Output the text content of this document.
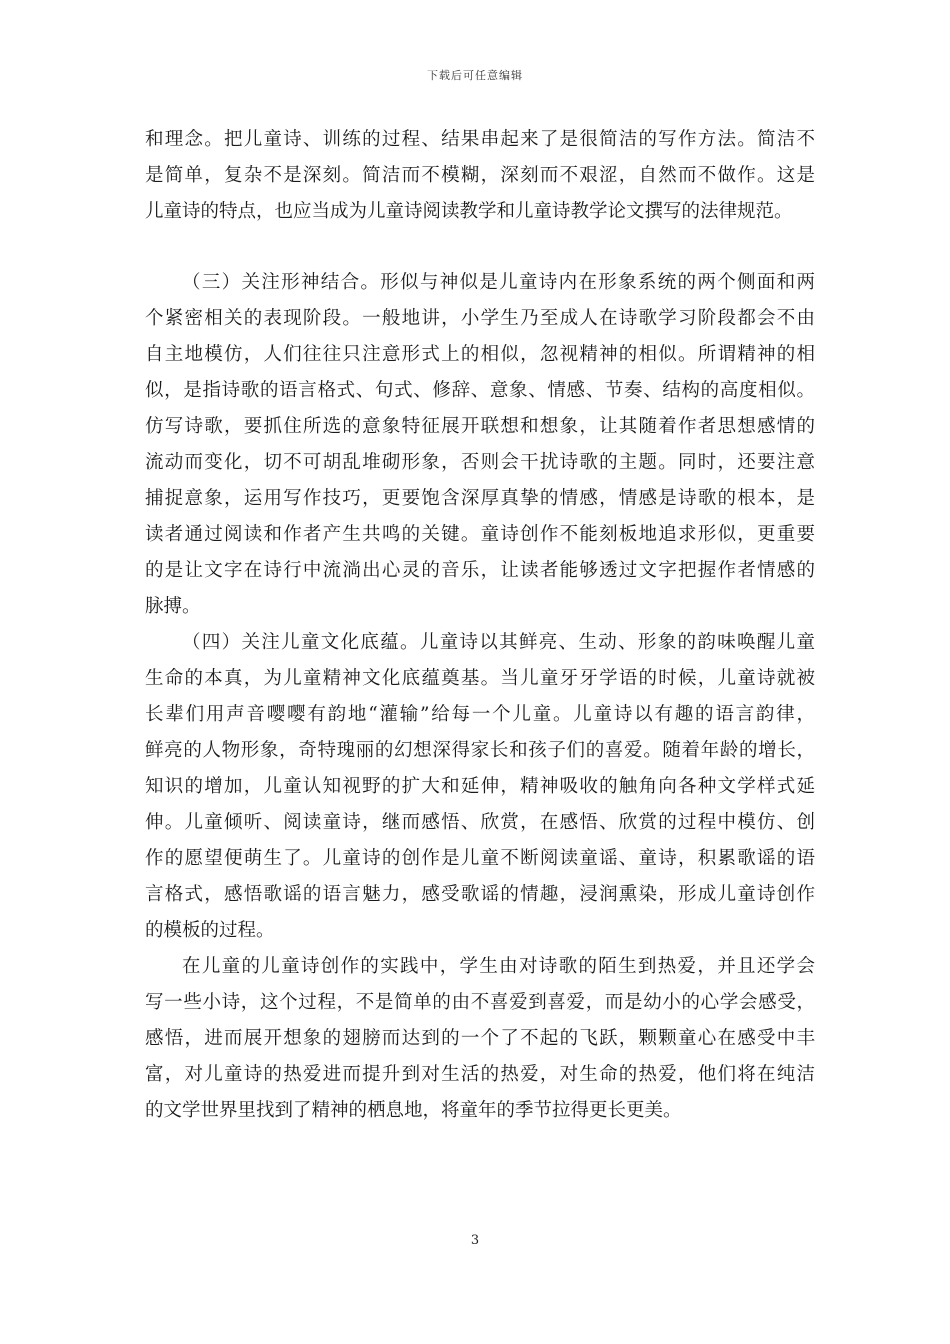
下载后可任意编辑
和理念。把儿童诗、训练的过程、结果串起来了是很简洁的写作方法。简洁不
是简单，复杂不是深刻。简洁而不模糊，深刻而不艰涩，自然而不做作。这是
儿童诗的特点，也应当成为儿童诗阅读教学和儿童诗教学论文撰写的法律规范。
（三）关注形神结合。形似与神似是儿童诗内在形象系统的两个侧面和两
个紧密相关的表现阶段。一般地讲，小学生乃至成人在诗歌学习阶段都会不由
自主地模仿，人们往往只注意形式上的相似，忽视精神的相似。所谓精神的相
似，是指诗歌的语言格式、句式、修辞、意象、情感、节奏、结构的高度相似。
仿写诗歌，要抓住所选的意象特征展开联想和想象，让其随着作者思想感情的
流动而变化，切不可胡乱堆砌形象，否则会干扰诗歌的主题。同时，还要注意
捕捉意象，运用写作技巧，更要饱含深厚真挚的情感，情感是诗歌的根本，是
读者通过阅读和作者产生共鸣的关键。童诗创作不能刻板地追求形似，更重要
的是让文字在诗行中流淌出心灵的音乐，让读者能够透过文字把握作者情感的
脉搏。
（四）关注儿童文化底蕴。儿童诗以其鲜亮、生动、形象的韵味唤醒儿童
生命的本真，为儿童精神文化底蕴奠基。当儿童牙牙学语的时候，儿童诗就被
长辈们用声音嘤嘤有韵地“灌输”给每一个儿童。儿童诗以有趣的语言韵律，
鲜亮的人物形象，奇特瑰丽的幻想深得家长和孩子们的喜爱。随着年龄的增长，
知识的增加，儿童认知视野的扩大和延伸，精神吸收的触角向各种文学样式延
伸。儿童倾听、阅读童诗，继而感悟、欣赏，在感悟、欣赏的过程中模仿、创
作的愿望便萌生了。儿童诗的创作是儿童不断阅读童谣、童诗，积累歌谣的语
言格式，感悟歌谣的语言魅力，感受歌谣的情趣，浸润熏染，形成儿童诗创作
的模板的过程。
在儿童的儿童诗创作的实践中，学生由对诗歌的陌生到热爱，并且还学会
写一些小诗，这个过程，不是简单的由不喜爱到喜爱，而是幼小的心学会感受，
感悟，进而展开想象的翅膀而达到的一个了不起的飞跃，颗颗童心在感受中丰
富，对儿童诗的热爱进而提升到对生活的热爱，对生命的热爱，他们将在纯洁
的文学世界里找到了精神的栖息地，将童年的季节拉得更长更美。
3
